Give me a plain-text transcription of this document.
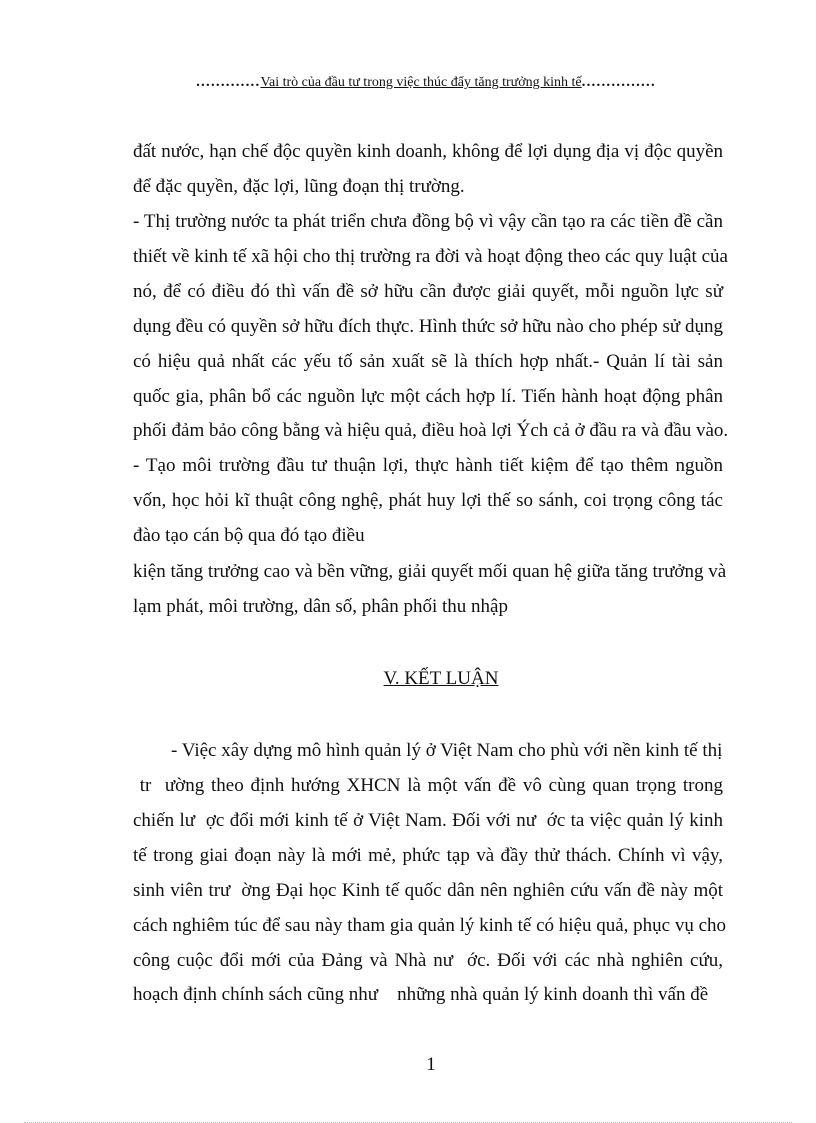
.............Vai trò của đầu tư trong việc thúc đẩy tăng trưởng kinh tế...............
đất nước, hạn chế độc quyền kinh doanh, không để lợi dụng địa vị độc quyền
để đặc quyền, đặc lợi, lũng đoạn thị trường.
- Thị trường nước ta phát triển chưa đồng bộ vì vậy cần tạo ra các tiền đề cần
thiết về kinh tế xã hội cho thị trường ra đời và hoạt động theo các quy luật của
nó, để có điều đó thì vấn đề sở hữu cần được giải quyết, mỗi nguồn lực sử
dụng đều có quyền sở hữu đích thực. Hình thức sở hữu nào cho phép sử dụng
có hiệu quả nhất các yếu tố sản xuất sẽ là thích hợp nhất.- Quản lí tài sản
quốc gia, phân bổ các nguồn lực một cách hợp lí. Tiến hành hoạt động phân
phối đảm bảo công bằng và hiệu quả, điều hoà lợi Ých cả ở đầu ra và đầu vào.
- Tạo môi trường đầu tư thuận lợi, thực hành tiết kiệm để tạo thêm nguồn
vốn, học hỏi kĩ thuật công nghệ, phát huy lợi thế so sánh, coi trọng công tác
đào tạo cán bộ qua đó tạo điều
kiện tăng trưởng cao và bền vững, giải quyết mối quan hệ giữa tăng trưởng và
lạm phát, môi trường, dân số, phân phối thu nhập
V. KẾT LUẬN
- Việc xây dựng mô hình quản lý ở Việt Nam cho phù với nền kinh tế thị
tr  ường theo định hướng XHCN là một vấn đề vô cùng quan trọng trong
chiến lư  ợc đổi mới kinh tế ở Việt Nam. Đối với nư  ớc ta việc quản lý kinh
tế trong giai đoạn này là mới mẻ, phức tạp và đầy thử thách. Chính vì vậy,
sinh viên trư  ờng Đại học Kinh tế quốc dân nên nghiên cứu vấn đề này một
cách nghiêm túc để sau này tham gia quản lý kinh tế có hiệu quả, phục vụ cho
công cuộc đổi mới của Đảng và Nhà nư  ớc. Đối với các nhà nghiên cứu,
hoạch định chính sách cũng như    những nhà quản lý kinh doanh thì vấn đề
1
